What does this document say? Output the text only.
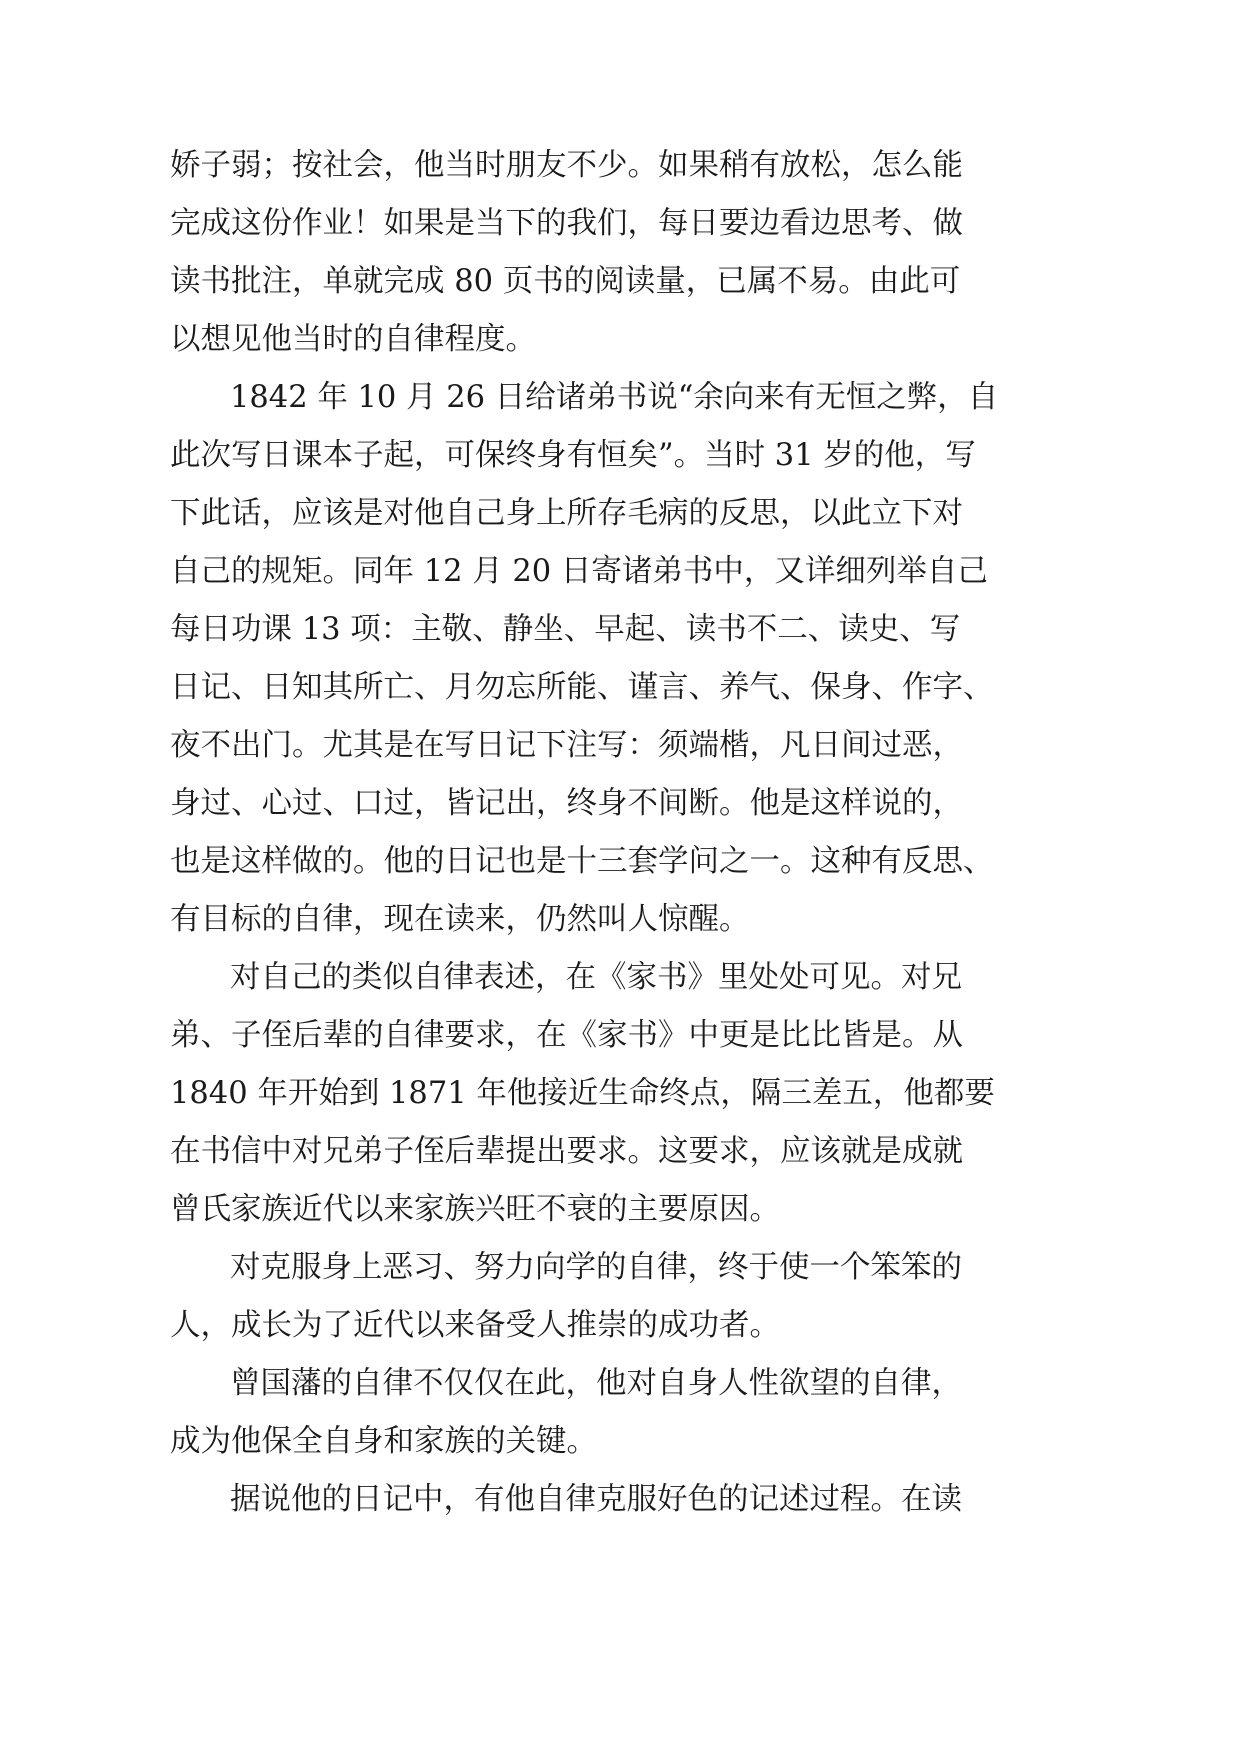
娇子弱；按社会，他当时朋友不少。如果稍有放松，怎么能
完成这份作业！如果是当下的我们，每日要边看边思考、做
读书批注，单就完成 80 页书的阅读量，已属不易。由此可
以想见他当时的自律程度。
1842 年 10 月 26 日给诸弟书说“余向来有无恒之弊，自
此次写日课本子起，可保终身有恒矣”。当时 31 岁的他，写
下此话，应该是对他自己身上所存毛病的反思，以此立下对
自己的规矩。同年 12 月 20 日寄诸弟书中，又详细列举自己
每日功课 13 项：主敬、静坐、早起、读书不二、读史、写
日记、日知其所亡、月勿忘所能、谨言、养气、保身、作字、
夜不出门。尤其是在写日记下注写：须端楷，凡日间过恶，
身过、心过、口过，皆记出，终身不间断。他是这样说的，
也是这样做的。他的日记也是十三套学问之一。这种有反思、
有目标的自律，现在读来，仍然叫人惊醒。
对自己的类似自律表述，在《家书》里处处可见。对兄
弟、子侄后辈的自律要求，在《家书》中更是比比皆是。从
1840 年开始到 1871 年他接近生命终点，隔三差五，他都要
在书信中对兄弟子侄后辈提出要求。这要求，应该就是成就
曾氏家族近代以来家族兴旺不衰的主要原因。
对克服身上恶习、努力向学的自律，终于使一个笨笨的
人，成长为了近代以来备受人推崇的成功者。
曾国藩的自律不仅仅在此，他对自身人性欲望的自律，
成为他保全自身和家族的关键。
据说他的日记中，有他自律克服好色的记述过程。在读
